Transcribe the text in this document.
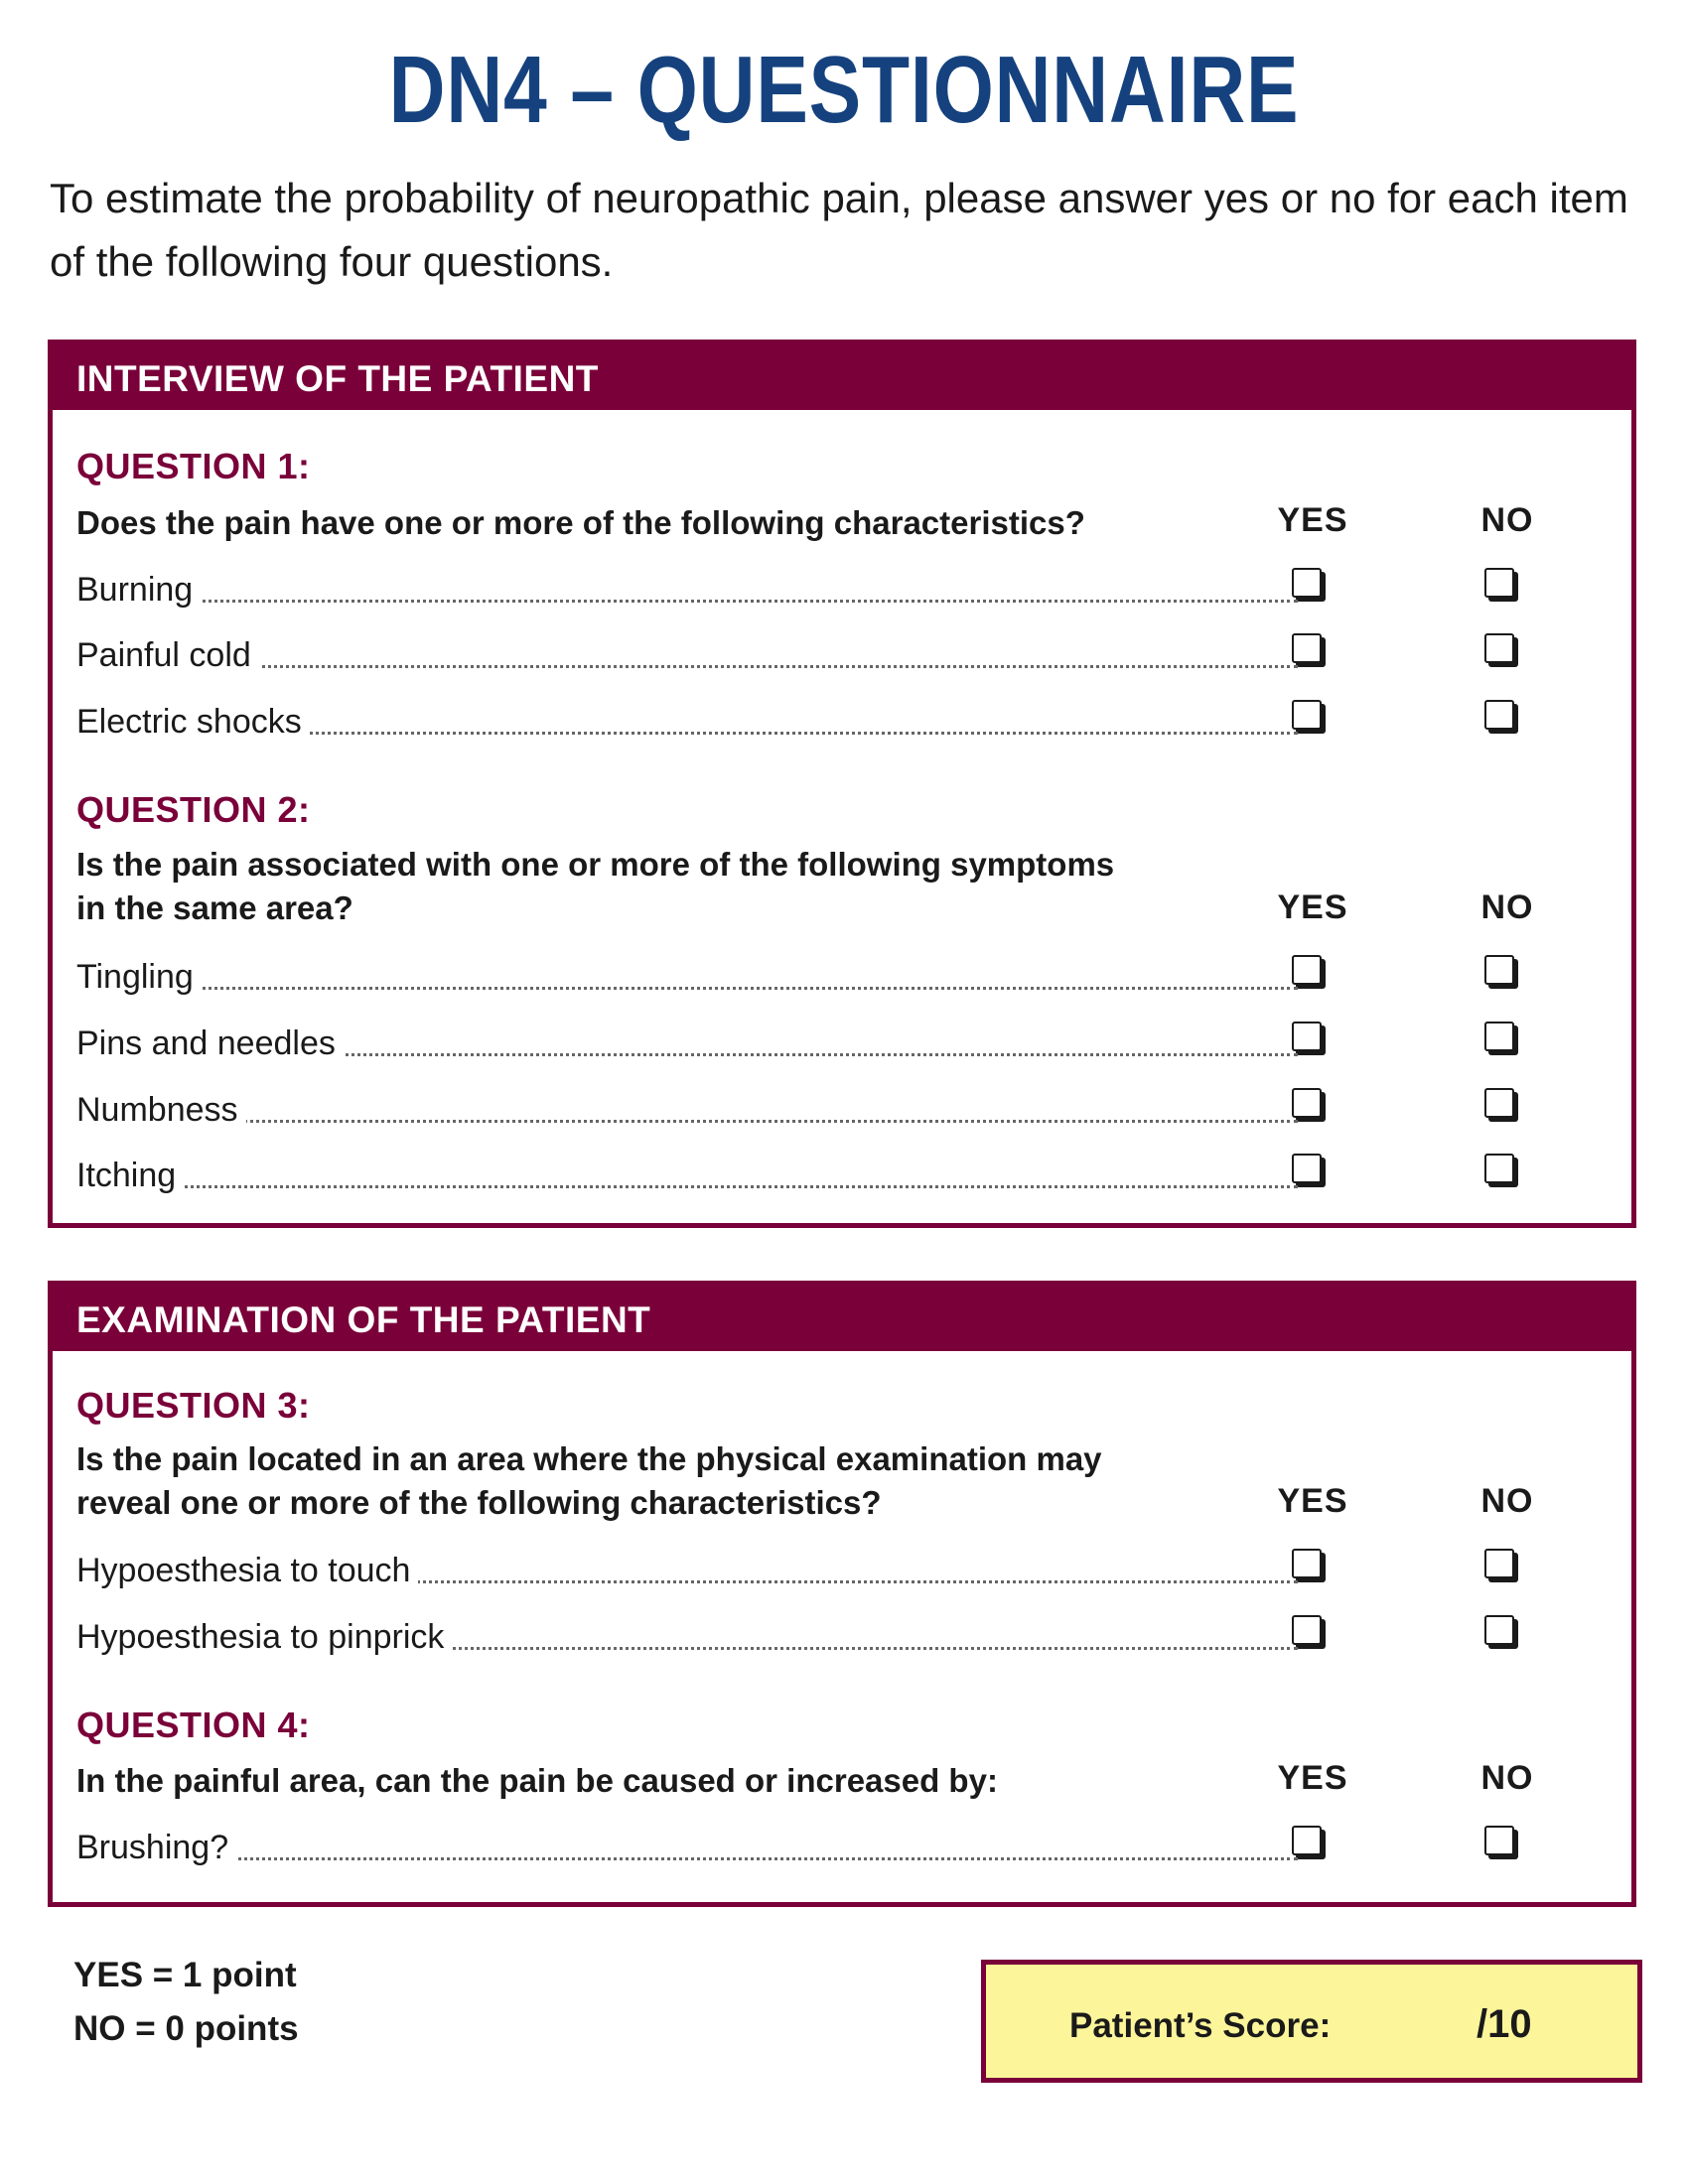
DN4 – QUESTIONNAIRE

To estimate the probability of neuropathic pain, please answer yes or no for each item of the following four questions.

INTERVIEW OF THE PATIENT
QUESTION 1:
Does the pain have one or more of the following characteristics?	YES	NO
Burning
Painful cold
Electric shocks
QUESTION 2:
Is the pain associated with one or more of the following symptoms in the same area?	YES	NO
Tingling
Pins and needles
Numbness
Itching
EXAMINATION OF THE PATIENT
QUESTION 3:
Is the pain located in an area where the physical examination may reveal one or more of the following characteristics?	YES	NO
Hypoesthesia to touch
Hypoesthesia to pinprick
QUESTION 4:
In the painful area, can the pain be caused or increased by:	YES	NO
Brushing?
YES = 1 point
NO = 0 points	Patient’s Score:	/10
